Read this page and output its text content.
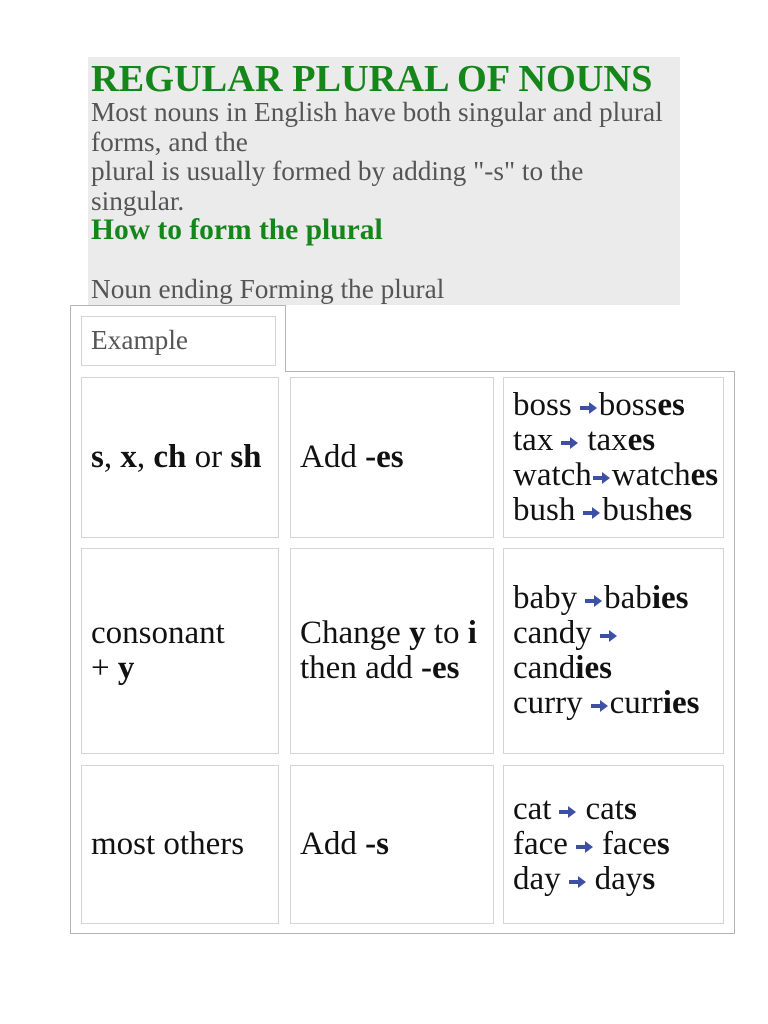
REGULAR PLURAL OF NOUNS
Most nouns in English have both singular and plural
forms, and the
plural is usually formed by adding "-s" to the
singular.
How to form the plural
Noun ending Forming the plural
Example
s, x, ch or sh	Add -es
boss bosses
tax taxes
watch watches
bush bushes
consonant
+ y
Change y to i
then add -es
baby babies
candy
candies
curry curries
most others	Add -s
cat cats
face faces
day days
